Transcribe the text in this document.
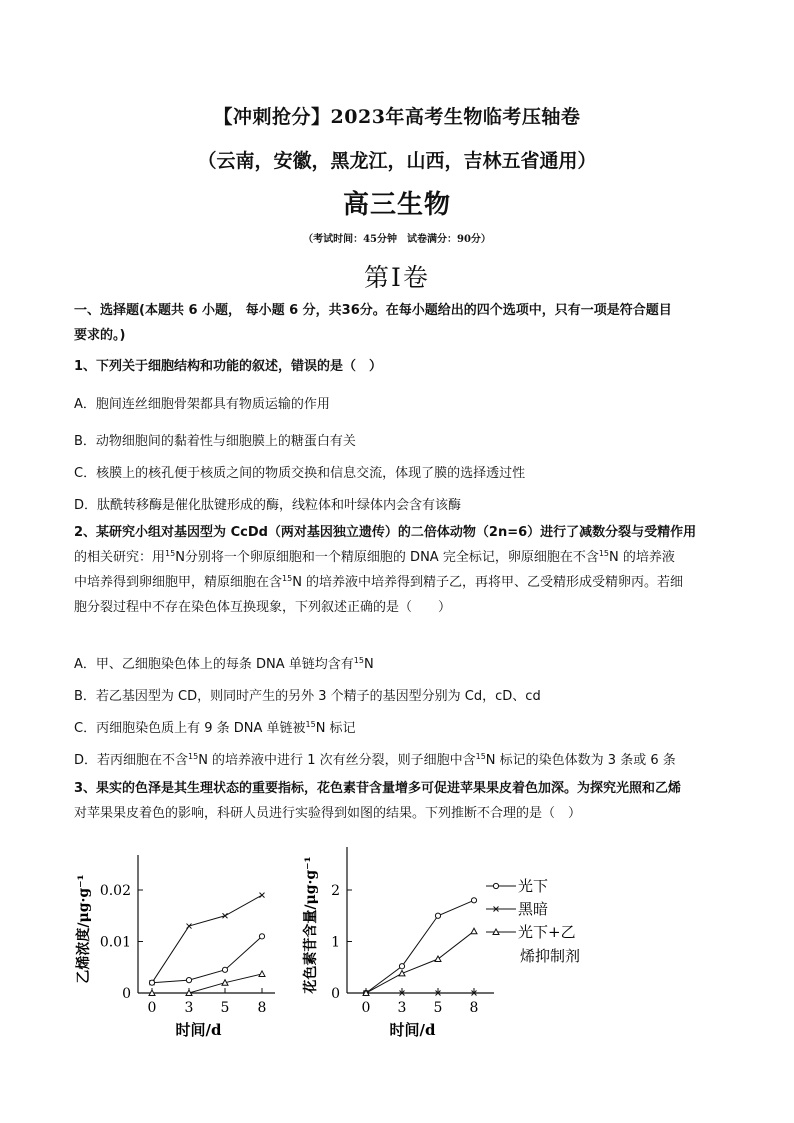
【冲刺抢分】2023年高考生物临考压轴卷
（云南，安徽，黑龙江，山西，吉林五省通用）
高三生物
（考试时间：45分钟　试卷满分：90分）
第Ⅰ卷
一、选择题(本题共 6 小题， 每小题 6 分，共36分。在每小题给出的四个选项中，只有一项是符合题目
要求的。)
1、下列关于细胞结构和功能的叙述，错误的是（　）
A．胞间连丝细胞骨架都具有物质运输的作用
B．动物细胞间的黏着性与细胞膜上的糖蛋白有关
C．核膜上的核孔便于核质之间的物质交换和信息交流，体现了膜的选择透过性
D．肽酰转移酶是催化肽键形成的酶，线粒体和叶绿体内会含有该酶
2、某研究小组对基因型为 CcDd（两对基因独立遗传）的二倍体动物（2n=6）进行了减数分裂与受精作用
的相关研究：用$^{15}$N分别将一个卵原细胞和一个精原细胞的 DNA 完全标记，卵原细胞在不含$^{15}$N 的培养液
中培养得到卵细胞甲，精原细胞在含$^{15}$N 的培养液中培养得到精子乙，再将甲、乙受精形成受精卵丙。若细
胞分裂过程中不存在染色体互换现象，下列叙述正确的是（　　）
A．甲、乙细胞染色体上的每条 DNA 单链均含有$^{15}$N
B．若乙基因型为 CD，则同时产生的另外 3 个精子的基因型分别为 Cd，cD、cd
C．丙细胞染色质上有 9 条 DNA 单链被$^{15}$N 标记
D．若丙细胞在不含$^{15}$N 的培养液中进行 1 次有丝分裂，则子细胞中含$^{15}$N 标记的染色体数为 3 条或 6 条
3、果实的色泽是其生理状态的重要指标，花色素苷含量增多可促进苹果果皮着色加深。为探究光照和乙烯
对苹果果皮着色的影响，科研人员进行实验得到如图的结果。下列推断不合理的是（　）
0
0.01
0.02
0 3 5 8
时间/d
乙烯浓度/μg·g⁻¹
0
1
2
0 3 5 8
时间/d
花色素苷含量/μg·g⁻¹	光下
黑暗
光下+乙
烯抑制剂
